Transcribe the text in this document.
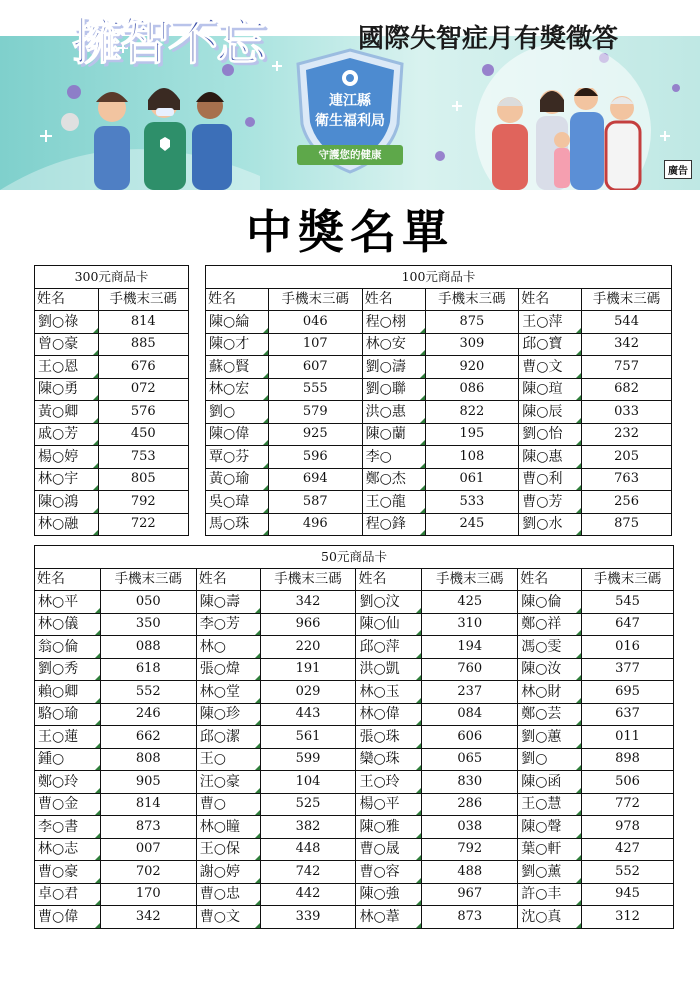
擁智不忘	國際失智症月有獎徵答
連江縣
衛生福利局
守護您的健康
廣告
中獎名單
300元商品卡	
姓名	手機末三碼
劉○祿	814
曾○豪	885
王○恩	676
陳○勇	072
黃○卿	576
戚○芳	450
楊○婷	753
林○宇	805
陳○鴻	792
林○融	722
100元商品卡					
姓名	手機末三碼	姓名	手機末三碼	姓名	手機末三碼
陳○綸	046	程○栩	875	王○萍	544
陳○才	107	林○安	309	邱○寶	342
蘇○賢	607	劉○濤	920	曹○文	757
林○宏	555	劉○聯	086	陳○瑄	682
劉○	579	洪○惠	822	陳○辰	033
陳○偉	925	陳○蘭	195	劉○怡	232
覃○芬	596	李○	108	陳○惠	205
黃○瑜	694	鄭○杰	061	曹○利	763
吳○瑋	587	王○龍	533	曹○芳	256
馬○珠	496	程○鋒	245	劉○水	875
50元商品卡							
姓名	手機末三碼	姓名	手機末三碼	姓名	手機末三碼	姓名	手機末三碼
林○平	050	陳○壽	342	劉○汶	425	陳○倫	545
林○儀	350	李○芳	966	陳○仙	310	鄭○祥	647
翁○倫	088	林○	220	邱○萍	194	馮○雯	016
劉○秀	618	張○煒	191	洪○凱	760	陳○汝	377
賴○卿	552	林○堂	029	林○玉	237	林○財	695
駱○瑜	246	陳○珍	443	林○偉	084	鄭○芸	637
王○蓮	662	邱○潔	561	張○珠	606	劉○蕙	011
鍾○	808	王○	599	欒○珠	065	劉○	898
鄭○玲	905	汪○豪	104	王○玲	830	陳○函	506
曹○金	814	曹○	525	楊○平	286	王○慧	772
李○書	873	林○瞳	382	陳○雅	038	陳○聲	978
林○志	007	王○保	448	曹○晟	792	葉○軒	427
曹○豪	702	謝○婷	742	曹○容	488	劉○薰	552
卓○君	170	曹○忠	442	陳○強	967	許○丰	945
曹○偉	342	曹○文	339	林○葦	873	沈○真	312
